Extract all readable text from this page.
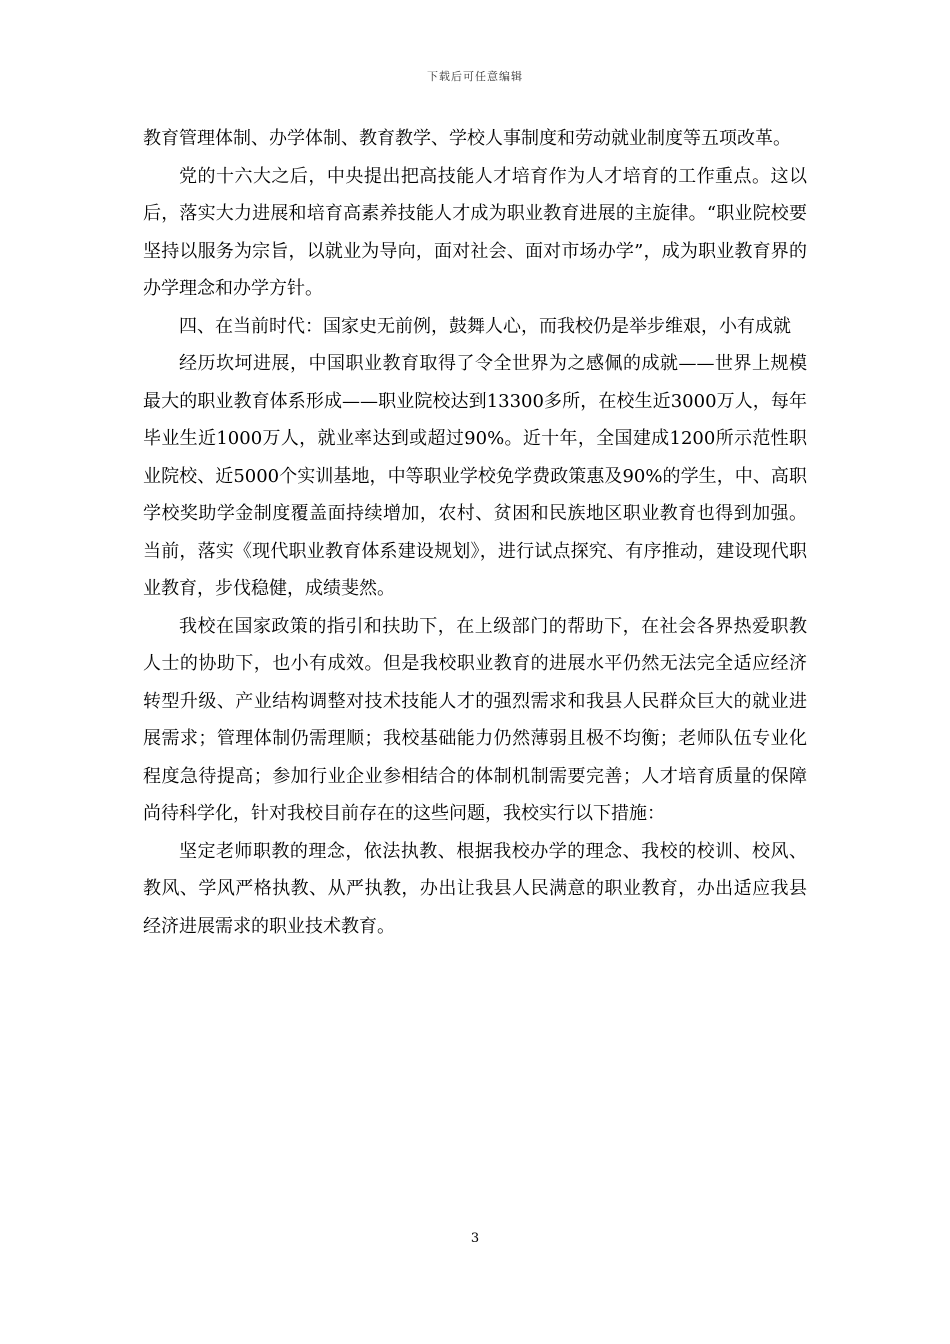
下载后可任意编辑

教育管理体制、办学体制、教育教学、学校人事制度和劳动就业制度等五项改革。

党的十六大之后，中央提出把高技能人才培育作为人才培育的工作重点。这以后，落实大力进展和培育高素养技能人才成为职业教育进展的主旋律。“职业院校要坚持以服务为宗旨，以就业为导向，面对社会、面对市场办学”，成为职业教育界的办学理念和办学方针。

四、在当前时代：国家史无前例，鼓舞人心，而我校仍是举步维艰，小有成就

经历坎坷进展，中国职业教育取得了令全世界为之感佩的成就——世界上规模最大的职业教育体系形成——职业院校达到13300多所，在校生近3000万人，每年毕业生近1000万人，就业率达到或超过90%。近十年，全国建成1200所示范性职业院校、近5000个实训基地，中等职业学校免学费政策惠及90%的学生，中、高职学校奖助学金制度覆盖面持续增加，农村、贫困和民族地区职业教育也得到加强。当前，落实《现代职业教育体系建设规划》，进行试点探究、有序推动，建设现代职业教育，步伐稳健，成绩斐然。

我校在国家政策的指引和扶助下，在上级部门的帮助下，在社会各界热爱职教人士的协助下，也小有成效。但是我校职业教育的进展水平仍然无法完全适应经济转型升级、产业结构调整对技术技能人才的强烈需求和我县人民群众巨大的就业进展需求；管理体制仍需理顺；我校基础能力仍然薄弱且极不均衡；老师队伍专业化程度急待提高；参加行业企业参相结合的体制机制需要完善；人才培育质量的保障尚待科学化，针对我校目前存在的这些问题，我校实行以下措施：

坚定老师职教的理念，依法执教、根据我校办学的理念、我校的校训、校风、教风、学风严格执教、从严执教，办出让我县人民满意的职业教育，办出适应我县经济进展需求的职业技术教育。

3
